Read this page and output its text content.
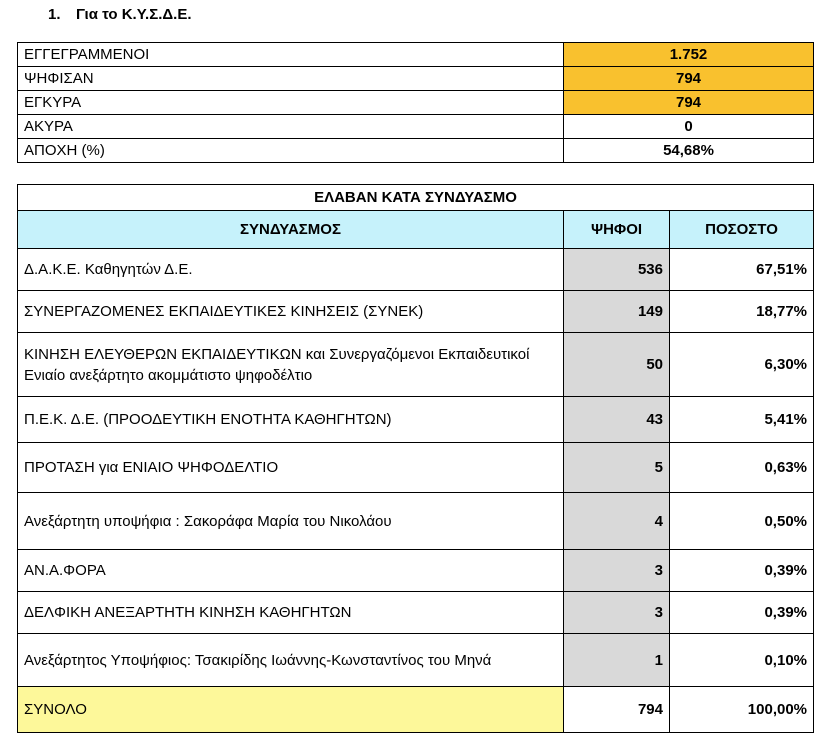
1. Για το Κ.Υ.Σ.Δ.Ε.
ΕΓΓΕΓΡΑΜΜΕΝΟΙ	1.752
ΨΗΦΙΣΑΝ	794
ΕΓΚΥΡΑ	794
ΑΚΥΡΑ	0
ΑΠΟΧΗ (%)	54,68%
ΕΛΑΒΑΝ ΚΑΤΑ ΣΥΝΔΥΑΣΜΟ		
ΣΥΝΔΥΑΣΜΟΣ	ΨΗΦΟΙ	ΠΟΣΟΣΤΟ
Δ.Α.Κ.Ε. Καθηγητών Δ.Ε.	536	67,51%
ΣΥΝΕΡΓΑΖΟΜΕΝΕΣ ΕΚΠΑΙΔΕΥΤΙΚΕΣ ΚΙΝΗΣΕΙΣ (ΣΥΝΕΚ)	149	18,77%
ΚΙΝΗΣΗ ΕΛΕΥΘΕΡΩΝ ΕΚΠΑΙΔΕΥΤΙΚΩΝ και Συνεργαζόμενοι Εκπαιδευτικοί Ενιαίο ανεξάρτητο ακομμάτιστο ψηφοδέλτιο	50	6,30%
Π.Ε.Κ. Δ.Ε. (ΠΡΟΟΔΕΥΤΙΚΗ ΕΝΟΤΗΤΑ ΚΑΘΗΓΗΤΩΝ)	43	5,41%
ΠΡΟΤΑΣΗ για ΕΝΙΑΙΟ ΨΗΦΟΔΕΛΤΙΟ	5	0,63%
Ανεξάρτητη υποψήφια : Σακοράφα Μαρία του Νικολάου	4	0,50%
ΑΝ.Α.ΦΟΡΑ	3	0,39%
ΔΕΛΦΙΚΗ ΑΝΕΞΑΡΤΗΤΗ ΚΙΝΗΣΗ ΚΑΘΗΓΗΤΩΝ	3	0,39%
Ανεξάρτητος Υποψήφιος: Τσακιρίδης Ιωάννης-Κωνσταντίνος του Μηνά	1	0,10%
ΣΥΝΟΛΟ	794	100,00%
